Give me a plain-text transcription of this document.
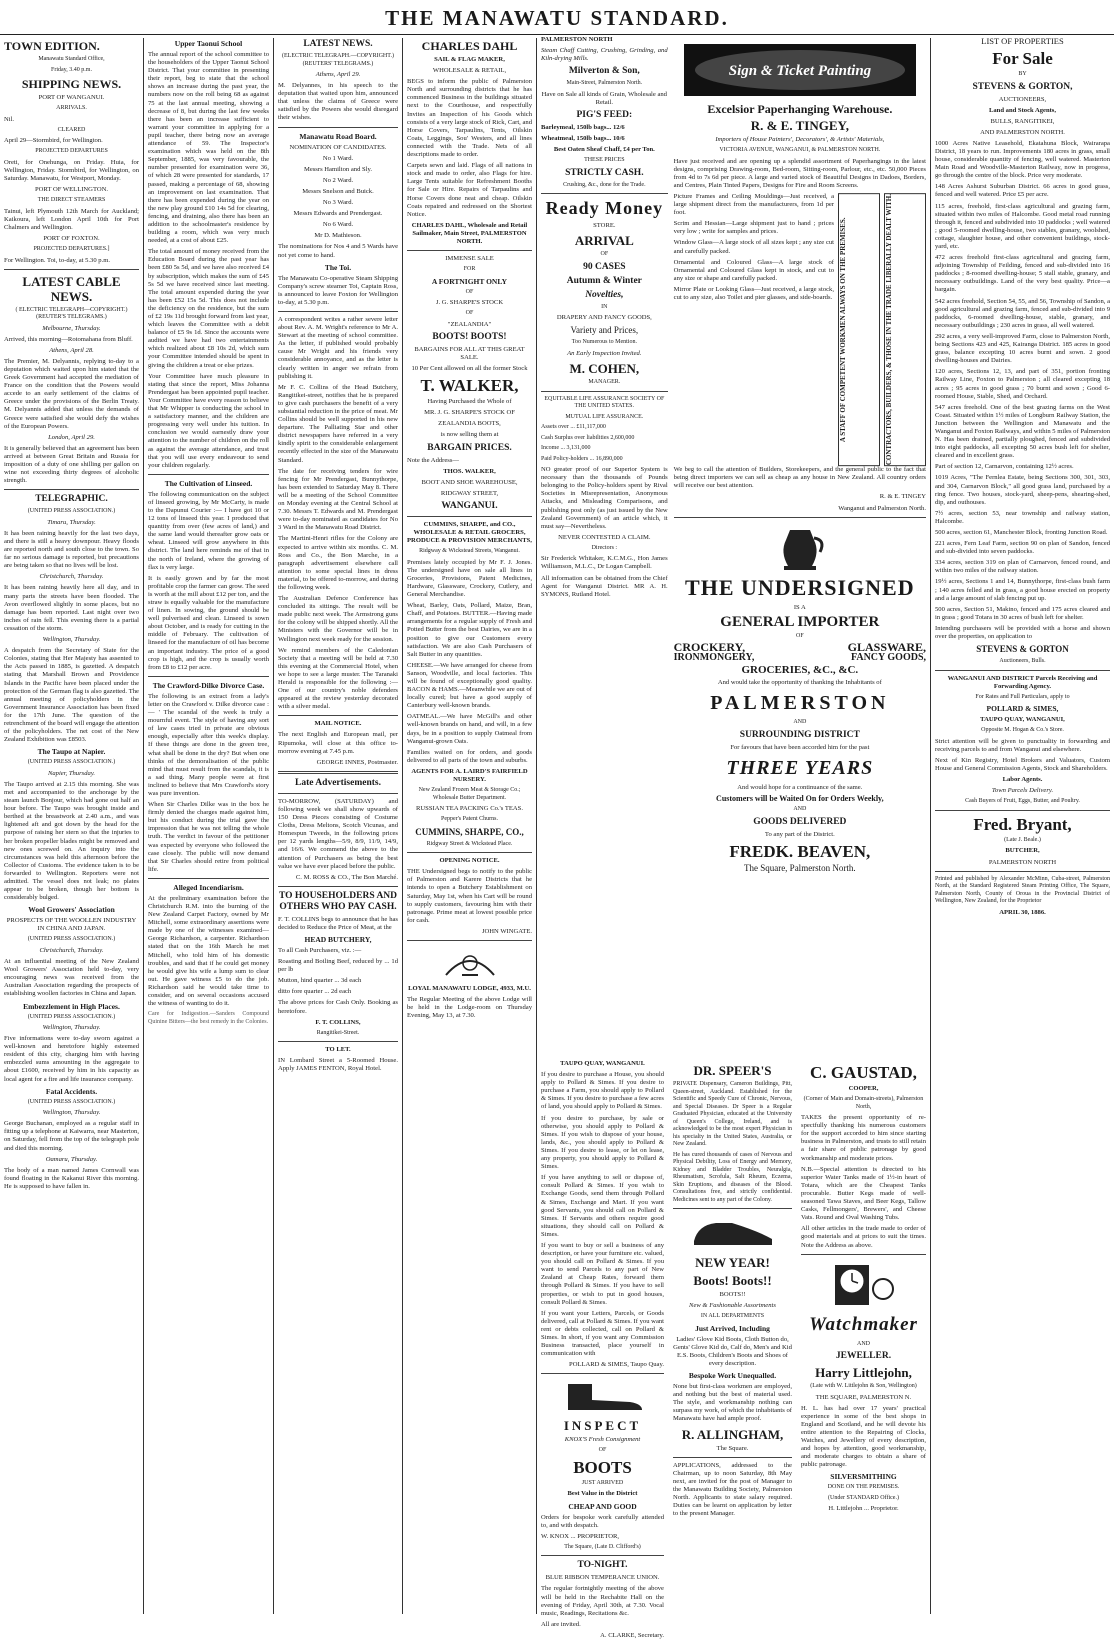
THE MANAWATU STANDARD.
TOWN EDITION.

Manawatu Standard Office,

Friday, 3.40 p.m.

SHIPPING NEWS.

PORT OF WANGANUI.

ARRIVALS.

Nil.

CLEARED

April 29—Stormbird, for Wellington.

PROJECTED DEPARTURES

Oreti, for Onehunga, on Friday. Huia, for Wellington, Friday. Stormbird, for Wellington, on Saturday. Manawatu, for Westport, Monday.

PORT OF WELLINGTON.

THE DIRECT STEAMERS

Tainui, left Plymouth 12th March for Auckland; Kaikoura, left London April 10th for Port Chalmers and Wellington.

PORT OF FOXTON.

PROJECTED DEPARTURES.]

For Wellington. Toi, to-day, at 5.30 p.m.

LATEST CABLE NEWS.

( ELECTRIC TELEGRAPH—COPYRIGHT.) (REUTER'S TELEGRAMS.)

Melbourne, Thursday.

Arrived, this morning—Rotomahana from Bluff.

Athens, April 28.

The Premier, M. Delyannis, replying to-day to a deputation which waited upon him stated that the Greek Government had accepted the mediation of France on the condition that the Powers would accede to an early settlement of the claims of Greece under the provisions of the Berlin Treaty. M. Delyannis added that unless the demands of Greece were satisfied she would defy the wishes of the European Powers.

London, April 29.

It is generally believed that an agreement has been arrived at between Great Britain and Russia for imposition of a duty of one shilling per gallon on wine not exceeding thirty degrees of alcoholic strength.

TELEGRAPHIC.

(UNITED PRESS ASSOCIATION.)

Timaru, Thursday.

It has been raining heavily for the last two days, and there is still a heavy downpour. Heavy floods are reported north and south close to the town. So far no serious damage is reported, but precautions are being taken so that no lives will be lost.

Christchurch, Thursday.

It has been raining heavily here all day, and in many parts the streets have been flooded. The Avon overflowed slightly in some places, but no damage has been reported. Last night over two inches of rain fell. This evening there is a partial cessation of the storm.

Wellington, Thursday.

A despatch from the Secretary of State for the Colonies, stating that Her Majesty has assented to the Acts passed in 1885, is gazetted. A despatch stating that Marshall Brown and Providence Islands in the Pacific have been placed under the protection of the German flag is also gazetted. The annual meeting of policyholders in the Government Insurance Association has been fixed for the 17th June. The question of the retrenchment of the board will engage the attention of the policyholders. The net cost of the New Zealand Exhibition was £8503.

The Taupo at Napier.

(UNITED PRESS ASSOCIATION.)

Napier, Thursday.

The Taupo arrived at 2.15 this morning. She was met and accompanied to the anchorage by the steam launch Bonjour, which had gone out half an hour before. The Taupo was brought inside and berthed at the breastwork at 2.40 a.m., and was lightened aft and got down by the head for the purpose of raising her stern so that the injuries to her broken propeller blades might be removed and new ones screwed on. An inquiry into the circumstances was held this afternoon before the Collector of Customs. The evidence taken is to be forwarded to Wellington. Reporters were not admitted. The vessel does not leak; no plates appear to be broken, though her bottom is considerably bulged.

Wool Growers' Association

PROSPECTS OF THE WOOLLEN INDUSTRY IN CHINA AND JAPAN.

(UNITED PRESS ASSOCIATION.)

Christchurch, Thursday.

At an influential meeting of the New Zealand Wool Growers' Association held to-day, very encouraging news was received from the Australian Association regarding the prospects of establishing woollen factories in China and Japan.

Embezzlement in High Places.

(UNITED PRESS ASSOCIATION.)

Wellington, Thursday.

Five informations were to-day sworn against a well-known and heretofore highly esteemed resident of this city, charging him with having embezzled sums amounting in the aggregate to about £1600, received by him in his capacity as local agent for a fire and life insurance company.

Fatal Accidents.

(UNITED PRESS ASSOCIATION.)

Wellington, Thursday.

George Buchanan, employed as a regular staff in fitting up a telephone at Kaiwarra, near Masterton, on Saturday, fell from the top of the telegraph pole and died this morning.

Oamaru, Thursday.

The body of a man named James Cornwall was found floating in the Kakanui River this morning. He is supposed to have fallen in.

Upper Taonui School

The annual report of the school committee to the householders of the Upper Taonui School District. That your committee in presenting their report, beg to state that the school shows an increase during the past year, the numbers now on the roll being 68 as against 75 at the last annual meeting, showing a decrease of 8, but during the last few weeks there has been an increase sufficient to warrant your committee in applying for a pupil teacher, there being now an average attendance of 59. The Inspector's examination which was held on the 8th September, 1885, was very favourable, the number presented for examination were 36, of which 28 were presented for standards, 17 passed, making a percentage of 68, showing an improvement on last examination. That there has been expended during the year on the new play ground £10 14s 5d for clearing, fencing, and draining, also there has been an addition to the schoolmaster's residence by building a room, which was very much needed, at a cost of about £25.

The total amount of money received from the Education Board during the past year has been £80 5s 5d, and we have also received £4 by subscription, which makes the sum of £45 5s 5d we have received since last meeting. The total amount expended during the year has been £52 15s 5d. This does not include the deficiency on the residence, but the sum of £2 19s 11d brought forward from last year, which leaves the Committee with a debit balance of £5 9s 1d. Since the accounts were audited we have had two entertainments which realized about £8 10s 2d, which sum your Committee intended should be spent in giving the children a treat or else prizes.

Your Committee have much pleasure in stating that since the report, Miss Johanna Prendergast has been appointed pupil teacher. Your Committee have every reason to believe that Mr Whipper is conducting the school in a satisfactory manner, and the children are progressing very well under his tuition. In conclusion we would earnestly draw your attention to the number of children on the roll as against the average attendance, and trust that you will use every endeavour to send your children regularly.

The Cultivation of Linseed.

The following communication on the subject of linseed growing, by Mr McCarty, is made to the Dapunui Courier :— I have got 10 or 12 tons of linseed this year. I produced that quantity from over (few acres of land,) and the same land would thereafter grow oats or wheat. Linseed will grow anywhere in this district. The land here reminds me of that in the north of Ireland, where the growing of flax is very large.

It is easily grown and by far the most profitable crop the farmer can grow. The seed is worth at the mill about £12 per ton, and the straw is equally valuable for the manufacture of linen. In sowing, the ground should be well pulverised and clean. Linseed is sown about October, and is ready for cutting in the middle of February. The cultivation of linseed for the manufacture of oil has become an important industry. The price of a good crop is high, and the crop is usually worth from £8 to £12 per acre.

The Crawford-Dilke Divorce Case.

The following is an extract from a lady's letter on the Crawford v. Dilke divorce case :— ' The scandal of the week is truly a mournful event. The style of having any sort of law cases tried in private are obvious enough, especially after this week's display. If these things are done in the green tree, what shall be done in the dry? But when one thinks of the demoralisation of the public mind that must result from the scandals, it is a sad thing. Many people were at first inclined to believe that Mrs Crawford's story was pure invention.

When Sir Charles Dilke was in the box he firmly denied the charges made against him, but his conduct during the trial gave the impression that he was not telling the whole truth. The verdict in favour of the petitioner was expected by everyone who followed the case closely. The public will now demand that Sir Charles should retire from political life.

Alleged Incendiarism.

At the preliminary examination before the Christchurch R.M. into the burning of the New Zealand Carpet Factory, owned by Mr Mitchell, some extraordinary assertions were made by one of the witnesses examined—George Richardson, a carpenter. Richardson stated that on the 16th March he met Mitchell, who told him of his domestic troubles, and said that if he could get money he would give his wife a lump sum to clear out. He gave witness £5 to do the job. Richardson said he would take time to consider, and on several occasions accused the witness of wanting to do it.

Care for Indigestion.—Sanders Compound Quinine Bitters—the best remedy in the Colonies.

LATEST NEWS.

(ELECTRIC TELEGRAPH.—COPYRIGHT.) (REUTERS' TELEGRAMS.)

Athens, April 29.

M. Delyannes, in his speech to the deputation that waited upon him, announced that unless the claims of Greece were satisfied by the Powers she would disregard their wishes.

Manawatu Road Board.

NOMINATION OF CANDIDATES.

No 1 Ward.

Messrs Hamilton and Sly.

No 2 Ward.

Messrs Snelson and Buick.

No 3 Ward.

Messrs Edwards and Prendergast.

No 6 Ward.

Mr D. Mathieson.

The nominations for Nos 4 and 5 Wards have not yet come to hand.

The Toi.

The Manawatu Co-operative Steam Shipping Company's screw steamer Toi, Captain Ross, is announced to leave Foxton for Wellington to-day, at 5.30 p.m.

A correspondent writes a rather severe letter about Rev. A. M. Wright's reference to Mr A. Stewart at the meeting of school committee. As the letter, if published would probably cause Mr Wright and his friends very considerable annoyance, and as the letter is clearly written in anger we refrain from publishing it.

Mr F. C. Collins of the Head Butchery, Rangitikei-street, notifies that he is prepared to give cash purchasers the benefit of a very substantial reduction in the price of meat. Mr Collins should be well supported in his new departure. The Palliating Star and other district newspapers have referred in a very kindly spirit to the considerable enlargement recently effected in the size of the Manawatu Standard.

The date for receiving tenders for wire fencing for Mr Prendergast, Bunnythorpe, has been extended to Saturday May 8. There will be a meeting of the School Committee on Monday evening at the Central School at 7.30. Messrs T. Edwards and M. Prendergast were to-day nominated as candidates for No 3 Ward in the Manawatu Road District.

The Martini-Henri rifles for the Colony are expected to arrive within six months. C. M. Ross and Co., the Bon Marche, in a paragraph advertisement elsewhere call attention to some special lines in dress material, to be offered to-morrow, and during the following week.

The Australian Defence Conference has concluded its sittings. The result will be made public next week. The Armstrong guns for the colony will be shipped shortly. All the Ministers with the Governor will be in Wellington next week ready for the session.

We remind members of the Caledonian Society that a meeting will be held at 7.30 this evening at the Commercial Hotel, when we hope to see a large muster. The Taranaki Herald is responsible for the following :—One of our country's noble defenders appeared at the review yesterday decorated with a silver medal.

MAIL NOTICE.

The next English and European mail, per Ripumoka, will close at this office to-morrow evening at 7.45 p.m.

GEORGE INNES, Postmaster.

Late Advertisements.

TO-MORROW, (SATURDAY) and following week we shall show upwards of 150 Dress Pieces consisting of Costume Cloths, Dress Meltons, Scotch Vicunas, and Homespun Tweeds, in the following prices per 12 yards lengths—5/9, 8/9, 11/9, 14/9, and 16/6. We commend the above to the attention of Purchasers as being the best value we have ever placed before the public.

C. M. ROSS & CO., The Bon Marché.

TO HOUSEHOLDERS AND OTHERS WHO PAY CASH.

F. T. COLLINS begs to announce that he has decided to Reduce the Price of Meat, at the

HEAD BUTCHERY,

To all Cash Purchasers, viz. :—

Roasting and Boiling Beef, reduced by ... 1d per lb

Mutton, hind quarter ... 3d each

ditto fore quarter ... 2d each

The above prices for Cash Only. Booking as heretofore.

F. T. COLLINS,

Rangitikei-Street.

TO LET.

IN Lombard Street a 5-Roomed House. Apply JAMES FENTON, Royal Hotel.

CHARLES DAHL

SAIL & FLAG MAKER,

WHOLESALE & RETAIL,

BEGS to inform the public of Palmerston North and surrounding districts that he has commenced Business in the buildings situated next to the Courthouse, and respectfully Invites an Inspection of his Goods which consists of a very large stock of Rick, Cart, and Horse Covers, Tarpaulins, Tents, Oilskin Coats, Leggings, Sou' Westers, and all lines connected with the Trade. Nets of all descriptions made to order.

Carpets sewn and laid. Flags of all nations in stock and made to order, also Flags for hire. Large Tents suitable for Refreshment Booths for Sale or Hire. Repairs of Tarpaulins and Horse Covers done neat and cheap. Oilskin Coats repaired and redressed on the Shortest Notice.

CHARLES DAHL, Wholesale and Retail Sailmaker, Main Street, PALMERSTON NORTH.

IMMENSE SALE

FOR

A FORTNIGHT ONLY

OF

J. G. SHARPE'S STOCK

OF

"ZEALANDIA"

BOOTS! BOOTS!

BARGAINS FOR ALL AT THIS GREAT SALE.

10 Per Cent allowed on all the former Stock

T. WALKER,

Having Purchased the Whole of

MR. J. G. SHARPE'S STOCK OF

ZEALANDIA BOOTS,

is now selling them at

BARGAIN PRICES.

Note the Address—

THOS. WALKER,

BOOT AND SHOE WAREHOUSE,

RIDGWAY STREET,

WANGANUI.

CUMMINS, SHARPE, and CO., WHOLESALE & RETAIL GROCERS, PRODUCE & PROVISION MERCHANTS,

Ridgway & Wickstead Streets, Wanganui.

Premises lately occupied by Mr F. J. Jones. The undersigned have on sale all lines in Groceries, Provisions, Patent Medicines, Hardware, Glassware, Crockery, Cutlery, and General Merchandise.

Wheat, Barley, Oats, Pollard, Maize, Bran, Chaff, and Potatoes. BUTTER.—Having made arrangements for a regular supply of Fresh and Potted Butter from the best Dairies, we are in a position to give our Customers every satisfaction. We are also Cash Purchasers of Salt Butter in any quantities.

CHEESE.—We have arranged for cheese from Sanson, Woodville, and local factories. This will be found of exceptionally good quality. BACON & HAMS.—Meanwhile we are out of locally cured; but have a good supply of Canterbury well-known brands.

OATMEAL.—We have McGill's and other well-known brands on hand, and will, in a few days, be in a position to supply Oatmeal from Wanganui-grown Oats.

Families waited on for orders, and goods delivered to all parts of the town and suburbs.

AGENTS FOR A. LAIRD'S FAIRFIELD NURSERY.

New Zealand Frozen Meat & Storage Co.; Wholesale Butter Department.

RUSSIAN TEA PACKING Co.'s TEAS.

Pepper's Patent Churns.

CUMMINS, SHARPE, CO.,

Ridgway Street & Wickstead Place.

OPENING NOTICE.

THE Undersigned begs to notify to the public of Palmerston and Karere Districts that he intends to open a Butchery Establishment on Saturday, May 1st, when his Cart will be round to supply customers, favouring him with their patronage. Prime meat at lowest possible price for cash.

JOHN WINGATE.

LOYAL MANAWATU LODGE, 4933, M.U.

The Regular Meeting of the above Lodge will be held in the Lodge-room on Thursday Evening, May 13, at 7.30.

PALMERSTON NORTH

Steam Chaff Cutting, Crushing, Grinding, and Kiln-drying Mills.

Milverton & Son,

Main-Street, Palmerston North.

Have on Sale all kinds of Grain, Wholesale and Retail.

PIG'S FEED:

Barleymeal, 150lb bags... 12/6

Wheatmeal, 150lb bags... 10/6

Best Oaten Sheaf Chaff, £4 per Ton.

THESE PRICES

STRICTLY CASH.

Crushing, &c., done for the Trade.

Ready Money

STORE.

ARRIVAL

OF

90 CASES
Autumn & Winter
Novelties,

IN

DRAPERY AND FANCY GOODS,

Variety and Prices,

Too Numerous to Mention.

An Early Inspection Invited.

M. COHEN,

MANAGER.

EQUITABLE LIFE ASSURANCE SOCIETY OF THE UNITED STATES.

MUTUAL LIFE ASSURANCE.

Assets over ... £11,117,000

Cash Surplus over liabilities 2,600,000

Income ... 3,131,000

Paid Policy-holders ... 16,890,000

NO greater proof of our Superior System is necessary than the thousands of Pounds belonging to the Policy-holders spent by Rival Societies in Misrepresentation, Anonymous Attacks, and Misleading Comparisons, and publishing post only (as just issued by the New Zealand Government) of an article which, it must say—Nevertheless.

NEVER CONTESTED A CLAIM.

Directors :

Sir Frederick Whitaker, K.C.M.G., Hon James Williamson, M.L.C., Dr Logan Campbell.

All information can be obtained from the Chief Agent for Wanganui District. MR A. H. SYMONS, Rutland Hotel.

Sign & Ticket Painting
Excelsior Paperhanging Warehouse.
R. & E. TINGEY,

Importers of House Painters', Decorators', & Artists' Materials,

VICTORIA AVENUE, WANGANUI, & PALMERSTON NORTH.

Have just received and are opening up a splendid assortment of Paperhangings in the latest designs, comprising Drawing-room, Bed-room, Sitting-room, Parlour, etc., etc. 50,000 Pieces from 4d to 7s 6d per piece. A large and varied stock of Beautiful Designs in Dadoes, Borders, and Centres, Plain Tinted Papers, Designs for Fire and Room Screens.

Picture Frames and Ceiling Mouldings—Just received, a large shipment direct from the manufacturers, from 1d per foot.

Scrim and Hessian—Large shipment just to hand ; prices very low ; write for samples and prices.

Window Glass—A large stock of all sizes kept ; any size cut and carefully packed.

Ornamental and Coloured Glass—A large stock of Ornamental and Coloured Glass kept in stock, and cut to any size or shape and carefully packed.

Mirror Plate or Looking Glass—Just received, a large stock, cut to any size, also Toilet and pier glasses, and side-boards. A STAFF OF COMPETENT WORKMEN ALWAYS ON THE PREMISES.	CONTRACTORS, BUILDERS, & THOSE IN THE TRADE LIBERALLY DEALT WITH.

We beg to call the attention of Builders, Storekeepers, and the general public to the fact that being direct importers we can sell as cheap as any house in New Zealand. All country orders will receive our best attention.

R. & E. TINGEY

Wanganui and Palmerston North.

THE UNDERSIGNED

IS A

GENERAL IMPORTER

OF

CROCKERY,	GLASSWARE,
IRONMONGERY,	FANCY GOODS,
GROCERIES, &C., &C.

And would take the opportunity of thanking the Inhabitants of

PALMERSTON

AND

SURROUNDING DISTRICT

For favours that have been accorded him for the past

THREE YEARS

And would hope for a continuance of the same.

Customers will be Waited On for Orders Weekly,

AND

GOODS DELIVERED

To any part of the District.

FREDK. BEAVEN,

The Square, Palmerston North.

TAUPO QUAY, WANGANUI.

If you desire to purchase a House, you should apply to Pollard & Simes. If you desire to purchase a Farm, you should apply to Pollard & Simes. If you desire to purchase a few acres of land, you should apply to Pollard & Simes.

If you desire to purchase, by sale or otherwise, you should apply to Pollard & Simes. If you wish to dispose of your house, lands, &c., you should apply to Pollard & Simes. If you desire to lease, or let on lease, any property, you should apply to Pollard & Simes.

If you have anything to sell or dispose of, consult Pollard & Simes. If you wish to Exchange Goods, send them through Pollard & Simes, Exchange and Mart. If you want good Servants, you should call on Pollard & Simes. If Servants and others require good situations, they should call on Pollard & Simes.

If you want to buy or sell a business of any description, or have your furniture etc. valued, you should call on Pollard & Simes. If you want to send Parcels to any part of New Zealand at Cheap Rates, forward them through Pollard & Simes. If you have to sell properties, or wish to put in good houses, consult Pollard & Simes.

If you want your Letters, Parcels, or Goods delivered, call at Pollard & Simes. If you want rent or debts collected, call on Pollard & Simes. In short, if you want any Commission Business transacted, place yourself in communication with

POLLARD & SIMES, Taupo Quay.

INSPECT

KNOX'S Fresh Consignment

OF

BOOTS

JUST ARRIVED

Best Value in the District

CHEAP AND GOOD

Orders for bespoke work carefully attended to, and with despatch.

W. KNOX ... PROPRIETOR,

The Square, (Late D. Clifford's)

TO-NIGHT.

BLUE RIBBON TEMPERANCE UNION.

The regular fortnightly meeting of the above will be held in the Rechabite Hall on the evening of Friday, April 30th, at 7.30. Vocal music, Readings, Recitations &c.

All are invited.

A. CLARKE, Secretary.

DR. SPEER'S

PRIVATE Dispensary, Cameron Buildings, Pitt, Queen-street, Auckland. Established for the Scientific and Speedy Cure of Chronic, Nervous, and Special Diseases. Dr Speer is a Regular Graduated Physician, educated at the University of Queen's College, Ireland, and is acknowledged to be the most expert Physician in his specialty in the United States, Australia, or New Zealand.

He has cured thousands of cases of Nervous and Physical Debility, Loss of Energy and Memory, Kidney and Bladder Troubles, Neuralgia, Rheumatism, Scrofula, Salt Rheum, Eczema, Skin Eruptions, and diseases of the Blood. Consultations free, and strictly confidential. Medicines sent to any part of the Colony.

NEW YEAR!
Boots! Boots!!

BOOTS!!

New & Fashionable Assortments

IN ALL DEPARTMENTS

Just Arrived, Including

Ladies' Glove Kid Boots, Cloth Button do, Gents' Glove Kid do, Calf do, Men's and Kid E.S. Boots, Children's Boots and Shoes of every description.

Bespoke Work Unequalled.

None but first-class workmen are employed, and nothing but the best of material used. The style, and workmanship nothing can surpass my work, of which the inhabitants of Manawatu have had ample proof.

R. ALLINGHAM,

The Square.

APPLICATIONS, addressed to the Chairman, up to noon Saturday, 8th May next, are invited for the post of Manager to the Manawatu Building Society, Palmerston North. Applicants to state salary required. Duties can be learnt on application by letter to the present Manager.

C. GAUSTAD,

COOPER,

(Corner of Main and Domain-streets), Palmerston North,

TAKES the present opportunity of re-spectfully thanking his numerous customers for the support accorded to him since starting business in Palmerston, and trusts to still retain a fair share of public patronage by good workmanship and moderate prices.

N.B.—Special attention is directed to his superior Water Tanks made of 1½-in heart of Totara, which are the Cheapest Tanks procurable. Butter Kegs made of well-seasoned Tawa Staves, and Beer Kegs, Tallow Casks, Fellmongers', Brewers', and Cheese Vats. Round and Oval Washing Tubs.

All other articles in the trade made to order of good materials and at prices to suit the times. Note the Address as above.

Watchmaker

AND

JEWELLER.
Harry Littlejohn,

(Late with W. Littlejohn & Son, Wellington)

THE SQUARE, PALMERSTON N.

H. L. has had over 17 years' practical experience in some of the best shops in England and Scotland, and he will devote his entire attention to the Repairing of Clocks, Watches, and Jewellery of every description, and hopes by attention, good workmanship, and moderate charges to obtain a share of public patronage.

SILVERSMITHING

DONE ON THE PREMISES.

(Under STANDARD Office.)

H. Littlejohn ... Proprietor.

LIST OF PROPERTIES

For Sale

BY

STEVENS & GORTON,

AUCTIONEERS,

Land and Stock Agents,

BULLS, RANGITIKEI,

AND PALMERSTON NORTH.

1000 Acres Native Leasehold, Ekatahuna Block, Wairarapa District, 18 years to run. Improvements 180 acres in grass, small house, considerable quantity of fencing, well watered. Masterton Main Road and Woodville-Masterton Railway, now in progress, go through the centre of the block. Price very moderate.

148 Acres Ashurst Suburban District. 66 acres in good grass, fenced and well watered. Price £5 per acre.

115 acres, freehold, first-class agricultural and grazing farm, situated within two miles of Halcombe. Good metal road running through it, fenced and subdivided into 10 paddocks ; well watered ; good 5-roomed dwelling-house, two stables, granary, woolshed, cottage, slaughter house, and other convenient buildings, stock-yard, etc.

472 acres freehold first-class agricultural and grazing farm, adjoining Township of Feilding, fenced and sub-divided into 16 paddocks ; 8-roomed dwelling-house; 5 stall stable, granary, and necessary outbuildings. Land of the very best quality. Price—a bargain.

542 acres freehold, Section 54, 55, and 56, Township of Sandon, a good agricultural and grazing farm, fenced and sub-divided into 9 paddocks, 6-roomed dwelling-house, stable, granary, and necessary outbuildings ; 230 acres in grass, all well watered.

292 acres, a very well-improved Farm, close to Palmerston North, being Sections 423 and 425, Kairanga District. 185 acres in good grass, balance excepting 10 acres burnt and sown. 2 good dwelling-houses and Dairies.

120 acres, Sections 12, 13, and part of 351, portion fronting Railway Line, Foxton to Palmerston ; all cleared excepting 18 acres ; 95 acres in good grass ; 70 burnt and sown ; Good 6-roomed House, Stable, Shed, and Orchard.

547 acres freehold. One of the best grazing farms on the West Coast. Situated within 1½ miles of Longburn Railway Station, the Junction between the Wellington and Manawatu and the Wanganui and Foxton Railways, and within 5 miles of Palmerston N. Has been drained, partially ploughed, fenced and subdivided into eight paddocks, all excepting 50 acres bush left for shelter, cleared and in excellent grass.

Part of section 12, Carnarvon, containing 12½ acres.

1019 Acres, "The Fernlea Estate, being Sections 300, 301, 303, and 304, Carnarvon Block," all good grass land, purchased by a ring fence. Two houses, stock-yard, sheep-pens, shearing-shed, dip, and outhouses.

7½ acres, section 53, near township and railway station, Halcombe.

500 acres, section 61, Manchester Block, fronting Junction Road.

221 acres, Fern Leaf Farm, section 90 on plan of Sandon, fenced and sub-divided into seven paddocks.

334 acres, section 319 on plan of Carnarvon, fenced round, and within two miles of the railway station.

19½ acres, Sections 1 and 14, Bunnythorpe, first-class bush farm ; 140 acres felled and in grass, a good house erected on property and a large amount of slab fencing put up.

500 acres, Section 51, Makino, fenced and 175 acres cleared and in grass ; good Totara in 30 acres of bush left for shelter.

Intending purchasers will be provided with a horse and shown over the properties, on application to

STEVENS & GORTON

Auctioneers, Bulls.

WANGANUI AND DISTRICT Parcels Receiving and Forwarding Agency.

For Rates and Full Particulars, apply to

POLLARD & SIMES,

TAUPO QUAY, WANGANUI,

Opposite M. Hogan & Co.'s Store.

Strict attention will be given to punctuality in forwarding and receiving parcels to and from Wanganui and elsewhere.

Next of Kin Registry, Hotel Brokers and Valuators, Custom House and General Commission Agents, Stock and Shareholders.

Labor Agents.

Town Parcels Delivery.

Cash Buyers of Fruit, Eggs, Butter, and Poultry.

Fred. Bryant,

(Late J. Beale.)

BUTCHER,

PALMERSTON NORTH

Printed and published by Alexander McMinn, Cuba-street, Palmerston North, at the Standard Registered Steam Printing Office, The Square, Palmerston North, County of Oroua in the Provincial District of Wellington, New Zealand, for the Proprietor

APRIL 30, 1886.
